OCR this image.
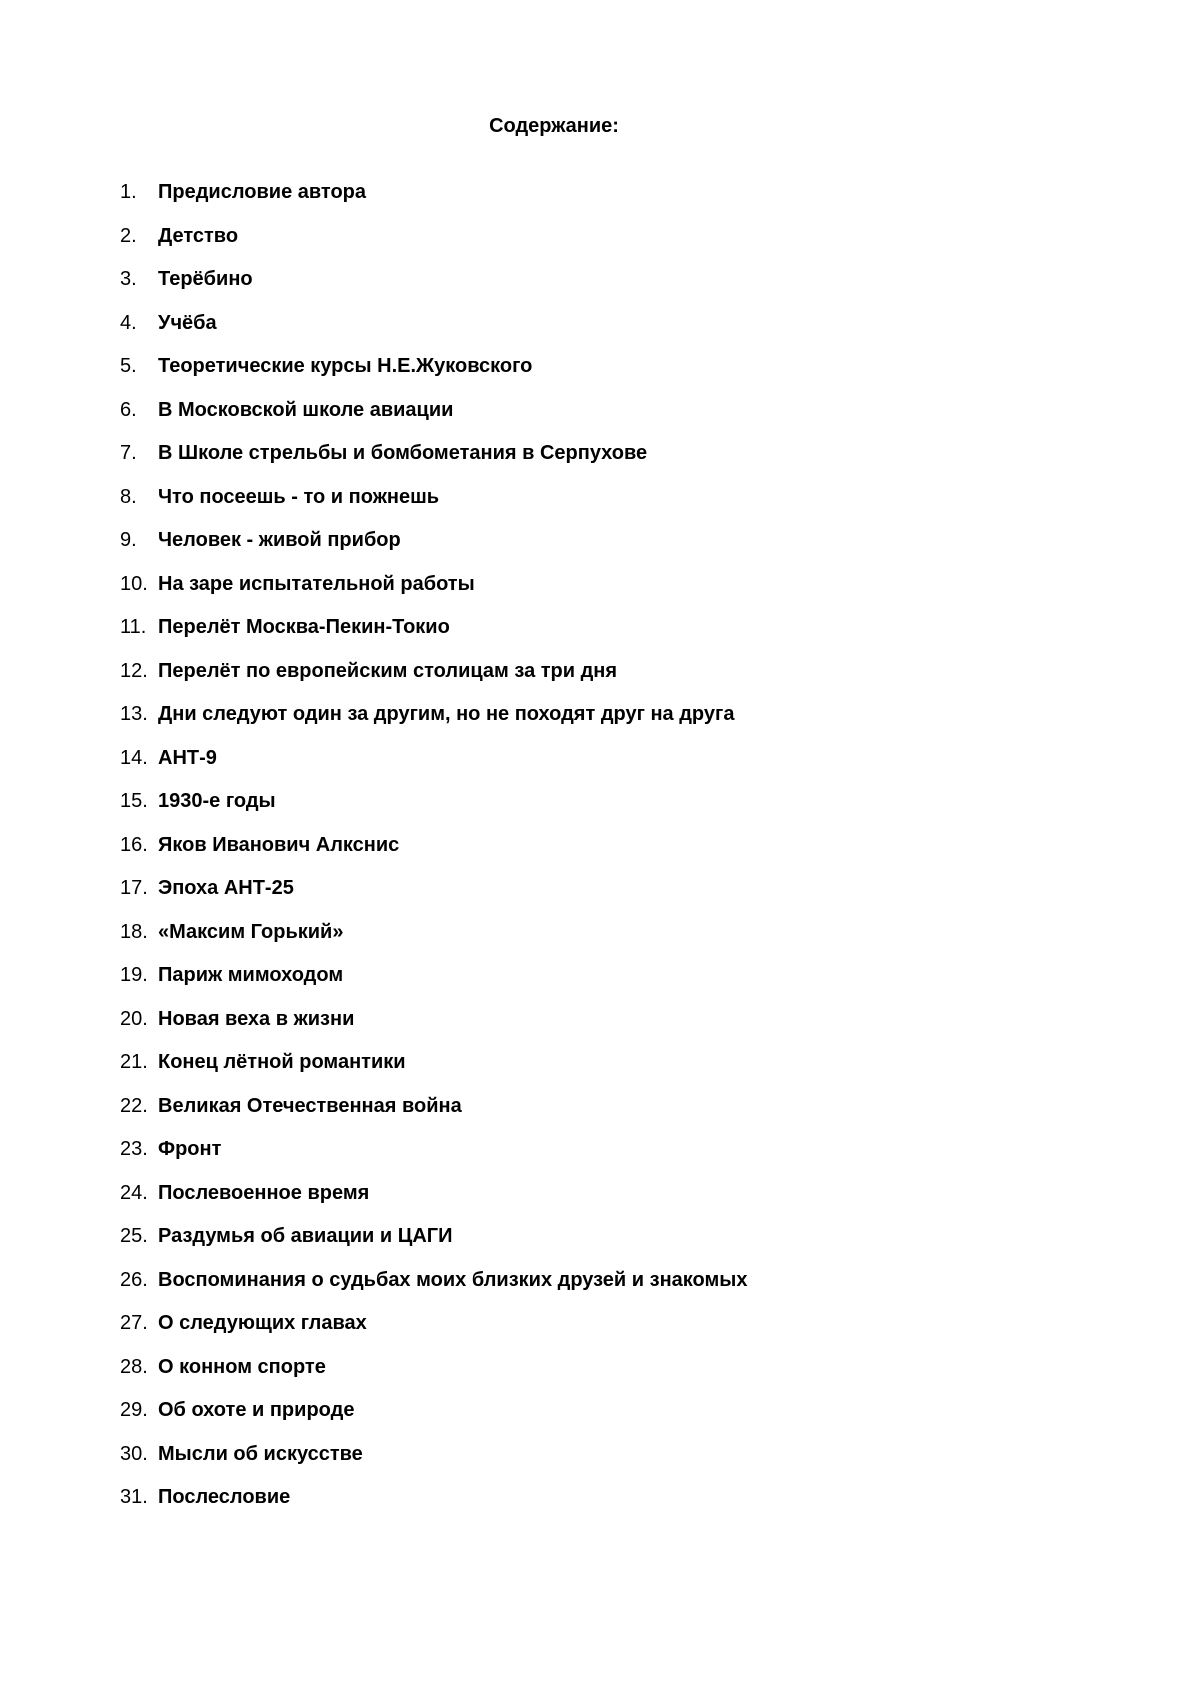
Содержание:
1.	Предисловие автора
2.	Детство
3.	Терёбино
4.	Учёба
5.	Теоретические курсы Н.Е.Жуковского
6.	В Московской школе авиации
7.	В Школе стрельбы и бомбометания в Серпухове
8.	Что посеешь - то и пожнешь
9.	Человек - живой прибор
10. На заре испытательной работы
11. Перелёт Москва-Пекин-Токио
12. Перелёт по европейским столицам за три дня
13. Дни следуют один за другим, но не походят друг на друга
14. АНТ-9
15. 1930-е годы
16. Яков Иванович Алкснис
17. Эпоха АНТ-25
18. «Максим Горький»
19. Париж мимоходом
20. Новая веха в жизни
21. Конец лётной романтики
22. Великая Отечественная война
23. Фронт
24. Послевоенное время
25. Раздумья об авиации и ЦАГИ
26. Воспоминания о судьбах моих близких друзей и знакомых
27. О следующих главах
28. О конном спорте
29. Об охоте и природе
30. Мысли об искусстве
31. Послесловие
